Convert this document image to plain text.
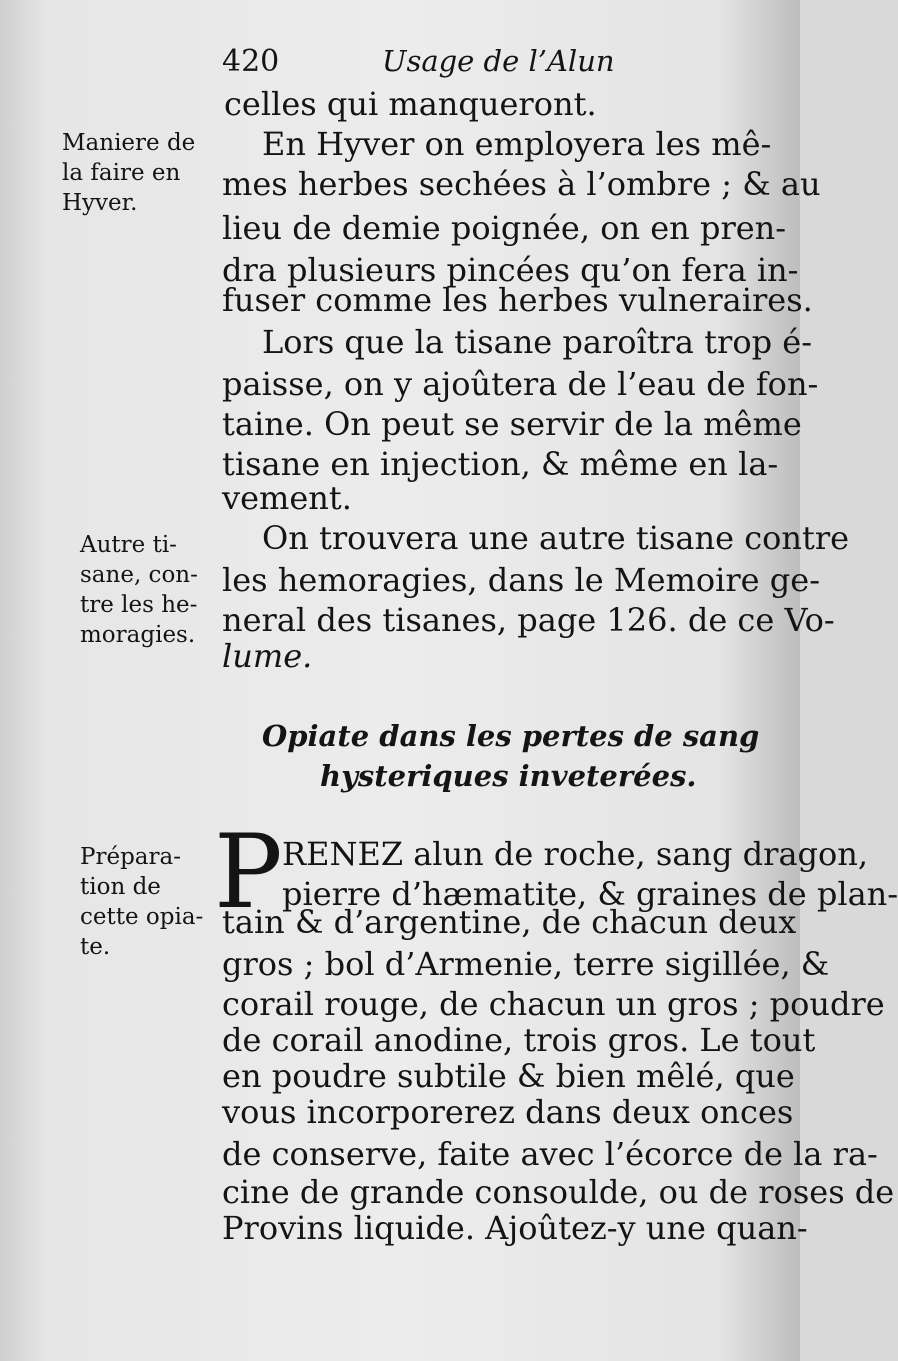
420	Usage de l’Alun
Maniere de
la faire en
Hyver.
Autre ti-
sane, con-
tre les he-
moragies.
Prépara-
tion de
cette opia-
te.
celles qui manqueront.
En Hyver on employera les mê-
mes herbes sechées à l’ombre ; & au
lieu de demie poignée, on en pren-
dra plusieurs pincées qu’on fera in-
fuser comme les herbes vulneraires.
Lors que la tisane paroîtra trop é-
paisse, on y ajoûtera de l’eau de fon-
taine. On peut se servir de la même
tisane en injection, & même en la-
vement.
On trouvera une autre tisane contre
les hemoragies, dans le Memoire ge-
neral des tisanes, page 126. de ce Vo-
lume.
Opiate dans les pertes de sang
hysteriques inveterées.
P RENEZ alun de roche, sang dragon,
pierre d’hæmatite, & graines de plan-
tain & d’argentine, de chacun deux
gros ; bol d’Armenie, terre sigillée, &
corail rouge, de chacun un gros ; poudre
de corail anodine, trois gros. Le tout
en poudre subtile & bien mêlé, que
vous incorporerez dans deux onces
de conserve, faite avec l’écorce de la ra-
cine de grande consoulde, ou de roses de
Provins liquide. Ajoûtez-y une quan-
